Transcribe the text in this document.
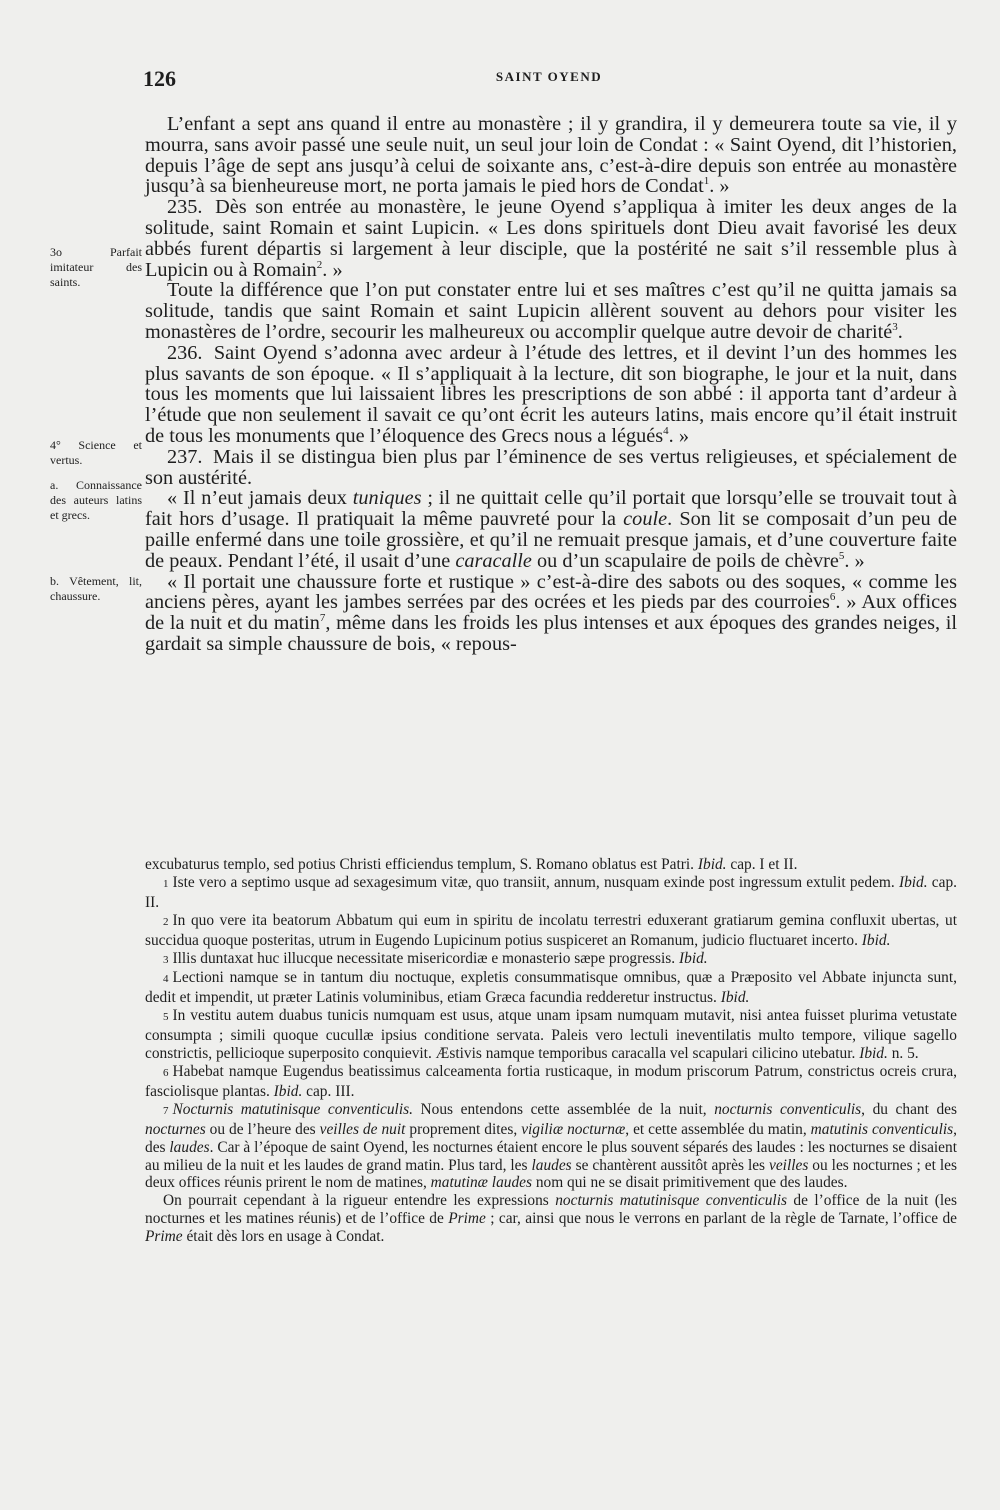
126	SAINT OYEND
3o Parfait imitateur des saints.
4° Science et vertus.
a. Connaissance des auteurs latins et grecs.
b. Vêtement, lit, chaussure.

L’enfant a sept ans quand il entre au monastère ; il y grandira, il y demeurera toute sa vie, il y mourra, sans avoir passé une seule nuit, un seul jour loin de Condat : « Saint Oyend, dit l’historien, depuis l’âge de sept ans jusqu’à celui de soixante ans, c’est-à-dire depuis son entrée au monastère jusqu’à sa bienheureuse mort, ne porta jamais le pied hors de Condat$^1$. »

235. Dès son entrée au monastère, le jeune Oyend s’appliqua à imiter les deux anges de la solitude, saint Romain et saint Lupicin. « Les dons spirituels dont Dieu avait favorisé les deux abbés furent départis si largement à leur disciple, que la postérité ne sait s’il ressemble plus à Lupicin ou à Romain$^2$. »

Toute la différence que l’on put constater entre lui et ses maîtres c’est qu’il ne quitta jamais sa solitude, tandis que saint Romain et saint Lupicin allèrent souvent au dehors pour visiter les monastères de l’ordre, secourir les malheureux ou accomplir quelque autre devoir de charité$^3$.

236. Saint Oyend s’adonna avec ardeur à l’étude des lettres, et il devint l’un des hommes les plus savants de son époque. « Il s’appliquait à la lecture, dit son biographe, le jour et la nuit, dans tous les moments que lui laissaient libres les prescriptions de son abbé : il apporta tant d’ardeur à l’étude que non seulement il savait ce qu’ont écrit les auteurs latins, mais encore qu’il était instruit de tous les monuments que l’éloquence des Grecs nous a légués$^4$. »

237. Mais il se distingua bien plus par l’éminence de ses vertus religieuses, et spécialement de son austérité.

« Il n’eut jamais deux tuniques ; il ne quittait celle qu’il portait que lorsqu’elle se trouvait tout à fait hors d’usage. Il pratiquait la même pauvreté pour la coule. Son lit se composait d’un peu de paille enfermé dans une toile grossière, et qu’il ne remuait presque jamais, et d’une couverture faite de peaux. Pendant l’été, il usait d’une caracalle ou d’un scapulaire de poils de chèvre$^5$. »

« Il portait une chaussure forte et rustique » c’est-à-dire des sabots ou des soques, « comme les anciens pères, ayant les jambes serrées par des ocrées et les pieds par des courroies$^6$. » Aux offices de la nuit et du matin$^7$, même dans les froids les plus intenses et aux époques des grandes neiges, il gardait sa simple chaussure de bois, « repous-

excubaturus templo, sed potius Christi efficiendus templum, S. Romano oblatus est Patri. Ibid. cap. I et II.

1 Iste vero a septimo usque ad sexagesimum vitæ, quo transiit, annum, nusquam exinde post ingressum extulit pedem. Ibid. cap. II.

2 In quo vere ita beatorum Abbatum qui eum in spiritu de incolatu terrestri eduxerant gratiarum gemina confluxit ubertas, ut succidua quoque posteritas, utrum in Eugendo Lupicinum potius suspiceret an Romanum, judicio fluctuaret incerto. Ibid.

3 Illis duntaxat huc illucque necessitate misericordiæ e monasterio sæpe progressis. Ibid.

4 Lectioni namque se in tantum diu noctuque, expletis consummatisque omnibus, quæ a Præposito vel Abbate injuncta sunt, dedit et impendit, ut præter Latinis voluminibus, etiam Græca facundia redderetur instructus. Ibid.

5 In vestitu autem duabus tunicis numquam est usus, atque unam ipsam numquam mutavit, nisi antea fuisset plurima vetustate consumpta ; simili quoque cucullæ ipsius conditione servata. Paleis vero lectuli ineventilatis multo tempore, viliquе sagello constrictis, pellicioque superposito conquievit. Æstivis namque temporibus caracalla vel scapulari cilicino utebatur. Ibid. n. 5.

6 Habebat namque Eugendus beatissimus calceamenta fortia rusticaque, in modum priscorum Patrum, constrictus ocreis crura, fasciolisque plantas. Ibid. cap. III.

7 Nocturnis matutinisque conventiculis. Nous entendons cette assemblée de la nuit, nocturnis conventiculis, du chant des nocturnes ou de l’heure des veilles de nuit proprement dites, vigiliæ nocturnæ, et cette assemblée du matin, matutinis conventiculis, des laudes. Car à l’époque de saint Oyend, les nocturnes étaient encore le plus souvent séparés des laudes : les nocturnes se disaient au milieu de la nuit et les laudes de grand matin. Plus tard, les laudes se chantèrent aussitôt après les veilles ou les nocturnes ; et les deux offices réunis prirent le nom de matines, matutinæ laudes nom qui ne se disait primitivement que des laudes.

On pourrait cependant à la rigueur entendre les expressions nocturnis matutinisque conventiculis de l’office de la nuit (les nocturnes et les matines réunis) et de l’office de Prime ; car, ainsi que nous le verrons en parlant de la règle de Tarnate, l’office de Prime était dès lors en usage à Condat.
